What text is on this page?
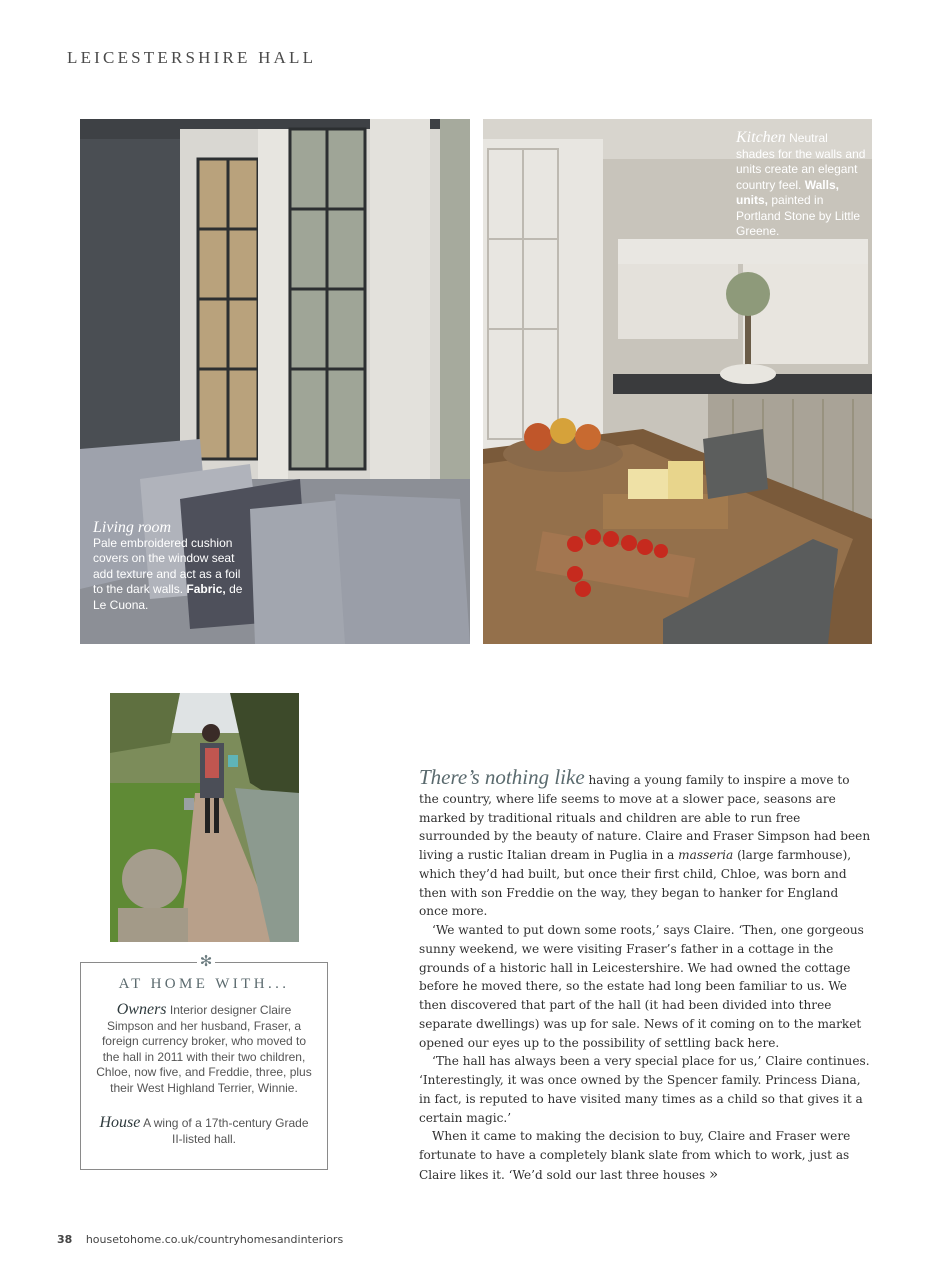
LEICESTERSHIRE HALL
Living room
Pale embroidered cushion covers on the window seat add texture and act as a foil to the dark walls. Fabric, de Le Cuona.
Kitchen Neutral shades for the walls and units create an elegant country feel. Walls, units, painted in Portland Stone by Little Greene.
✻
AT HOME WITH...
Owners Interior designer Claire Simpson and her husband, Fraser, a foreign currency broker, who moved to the hall in 2011 with their two children, Chloe, now five, and Freddie, three, plus their West Highland Terrier, Winnie.
House A wing of a 17th-century Grade II-listed hall.

There’s nothing like having a young family to inspire a move to the country, where life seems to move at a slower pace, seasons are marked by traditional rituals and children are able to run free surrounded by the beauty of nature. Claire and Fraser Simpson had been living a rustic Italian dream in Puglia in a masseria (large farmhouse), which they’d had built, but once their first child, Chloe, was born and then with son Freddie on the way, they began to hanker for England once more.

‘We wanted to put down some roots,’ says Claire. ‘Then, one gorgeous sunny weekend, we were visiting Fraser’s father in a cottage in the grounds of a historic hall in Leicestershire. We had owned the cottage before he moved there, so the estate had long been familiar to us. We then discovered that part of the hall (it had been divided into three separate dwellings) was up for sale. News of it coming on to the market opened our eyes up to the possibility of settling back here.

‘The hall has always been a very special place for us,’ Claire continues. ‘Interestingly, it was once owned by the Spencer family. Princess Diana, in fact, is reputed to have visited many times as a child so that gives it a certain magic.’

When it came to making the decision to buy, Claire and Fraser were fortunate to have a completely blank slate from which to work, just as Claire likes it. ‘We’d sold our last three houses »

38 housetohome.co.uk/countryhomesandinteriors
